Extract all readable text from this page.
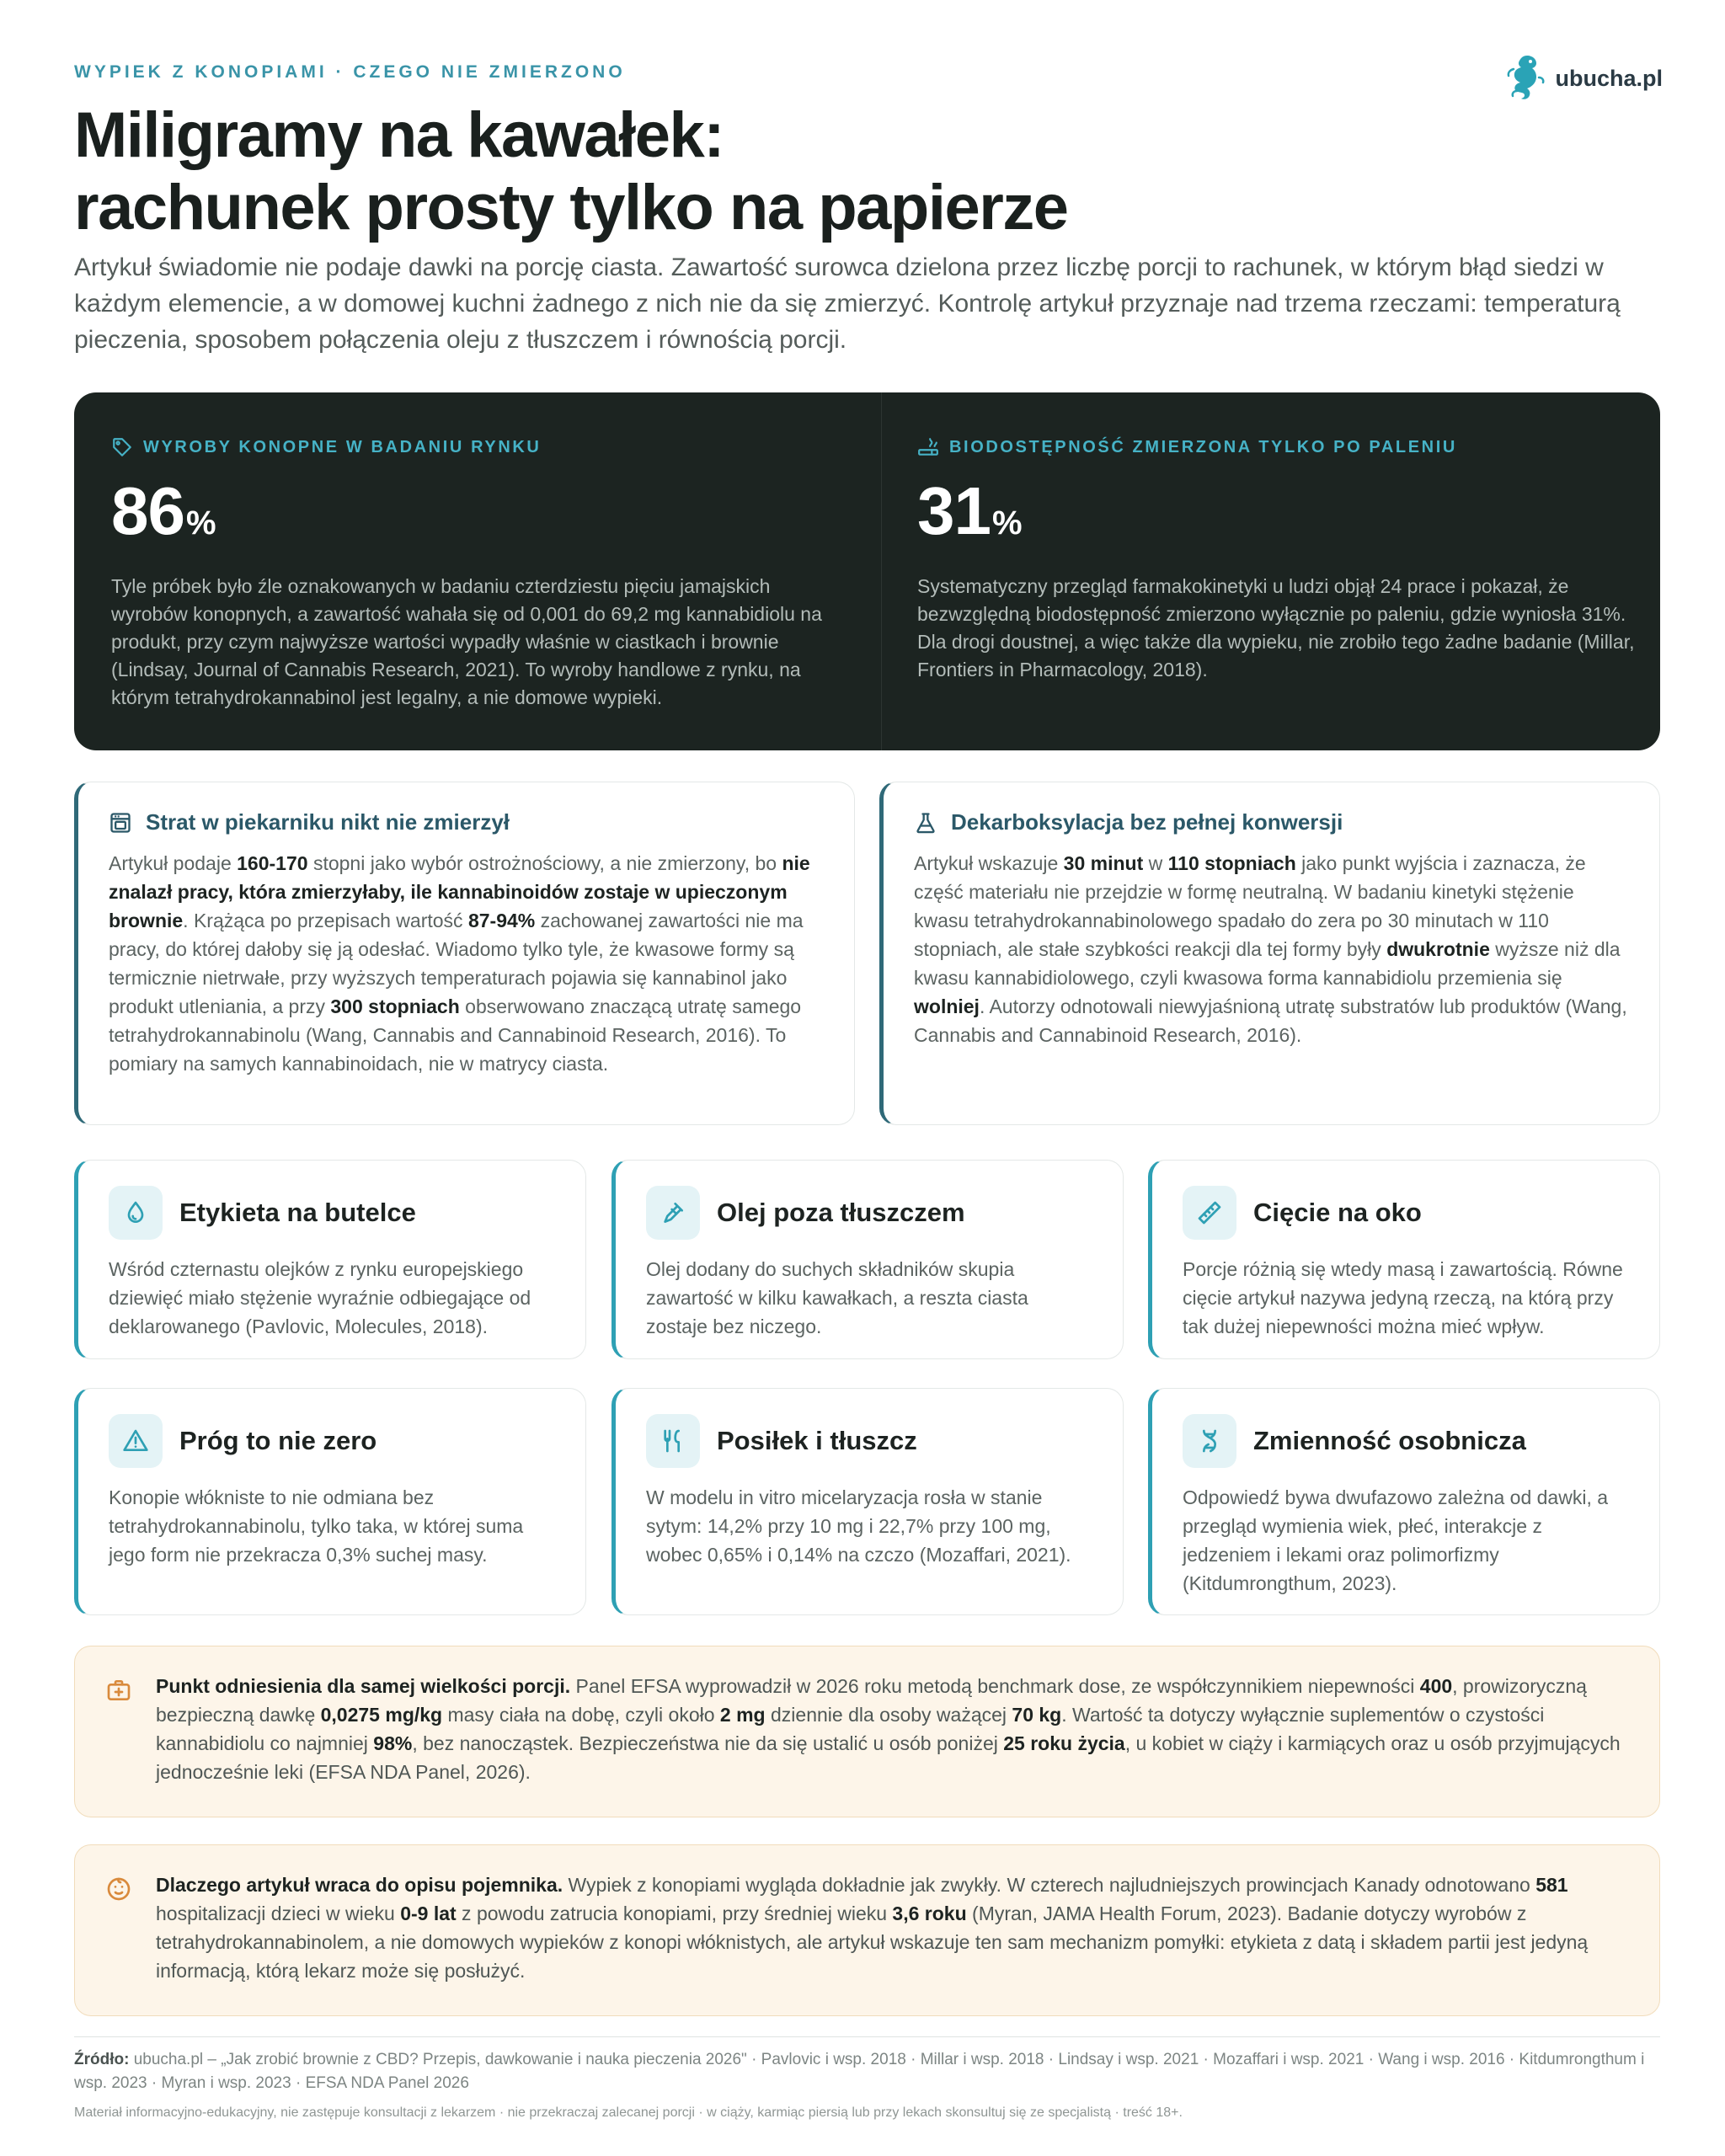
WYPIEK Z KONOPIAMI · CZEGO NIE ZMIERZONO	ubucha.pl
Miligramy na kawałek:
rachunek prosty tylko na papierze

Artykuł świadomie nie podaje dawki na porcję ciasta. Zawartość surowca dzielona przez liczbę porcji to rachunek, w którym błąd siedzi w każdym elemencie, a w domowej kuchni żadnego z nich nie da się zmierzyć. Kontrolę artykuł przyznaje nad trzema rzeczami: temperaturą pieczenia, sposobem połączenia oleju z tłuszczem i równością porcji.

WYROBY KONOPNE W BADANIU RYNKU
86%

Tyle próbek było źle oznakowanych w badaniu czterdziestu pięciu jamajskich wyrobów konopnych, a zawartość wahała się od 0,001 do 69,2 mg kannabidiolu na produkt, przy czym najwyższe wartości wypadły właśnie w ciastkach i brownie (Lindsay, Journal of Cannabis Research, 2021). To wyroby handlowe z rynku, na którym tetrahydrokannabinol jest legalny, a nie domowe wypieki.

BIODOSTĘPNOŚĆ ZMIERZONA TYLKO PO PALENIU
31%

Systematyczny przegląd farmakokinetyki u ludzi objął 24 prace i pokazał, że bezwzględną biodostępność zmierzono wyłącznie po paleniu, gdzie wyniosła 31%. Dla drogi doustnej, a więc także dla wypieku, nie zrobiło tego żadne badanie (Millar, Frontiers in Pharmacology, 2018).

Strat w piekarniku nikt nie zmierzył

Artykuł podaje 160-170 stopni jako wybór ostrożnościowy, a nie zmierzony, bo nie znalazł pracy, która zmierzyłaby, ile kannabinoidów zostaje w upieczonym brownie. Krążąca po przepisach wartość 87-94% zachowanej zawartości nie ma pracy, do której dałoby się ją odesłać. Wiadomo tylko tyle, że kwasowe formy są termicznie nietrwałe, przy wyższych temperaturach pojawia się kannabinol jako produkt utleniania, a przy 300 stopniach obserwowano znaczącą utratę samego tetrahydrokannabinolu (Wang, Cannabis and Cannabinoid Research, 2016). To pomiary na samych kannabinoidach, nie w matrycy ciasta.

Dekarboksylacja bez pełnej konwersji

Artykuł wskazuje 30 minut w 110 stopniach jako punkt wyjścia i zaznacza, że część materiału nie przejdzie w formę neutralną. W badaniu kinetyki stężenie kwasu tetrahydrokannabinolowego spadało do zera po 30 minutach w 110 stopniach, ale stałe szybkości reakcji dla tej formy były dwukrotnie wyższe niż dla kwasu kannabidiolowego, czyli kwasowa forma kannabidiolu przemienia się wolniej. Autorzy odnotowali niewyjaśnioną utratę substratów lub produktów (Wang, Cannabis and Cannabinoid Research, 2016).

Etykieta na butelce

Wśród czternastu olejków z rynku europejskiego dziewięć miało stężenie wyraźnie odbiegające od deklarowanego (Pavlovic, Molecules, 2018).

Olej poza tłuszczem

Olej dodany do suchych składników skupia zawartość w kilku kawałkach, a reszta ciasta zostaje bez niczego.

Cięcie na oko

Porcje różnią się wtedy masą i zawartością. Równe cięcie artykuł nazywa jedyną rzeczą, na którą przy tak dużej niepewności można mieć wpływ.

Próg to nie zero

Konopie włókniste to nie odmiana bez tetrahydrokannabinolu, tylko taka, w której suma jego form nie przekracza 0,3% suchej masy.

Posiłek i tłuszcz

W modelu in vitro micelaryzacja rosła w stanie sytym: 14,2% przy 10 mg i 22,7% przy 100 mg, wobec 0,65% i 0,14% na czczo (Mozaffari, 2021).

Zmienność osobnicza

Odpowiedź bywa dwufazowo zależna od dawki, a przegląd wymienia wiek, płeć, interakcje z jedzeniem i lekami oraz polimorfizmy (Kitdumrongthum, 2023).

Punkt odniesienia dla samej wielkości porcji. Panel EFSA wyprowadził w 2026 roku metodą benchmark dose, ze współczynnikiem niepewności 400, prowizoryczną bezpieczną dawkę 0,0275 mg/kg masy ciała na dobę, czyli około 2 mg dziennie dla osoby ważącej 70 kg. Wartość ta dotyczy wyłącznie suplementów o czystości kannabidiolu co najmniej 98%, bez nanocząstek. Bezpieczeństwa nie da się ustalić u osób poniżej 25 roku życia, u kobiet w ciąży i karmiących oraz u osób przyjmujących jednocześnie leki (EFSA NDA Panel, 2026).

Dlaczego artykuł wraca do opisu pojemnika. Wypiek z konopiami wygląda dokładnie jak zwykły. W czterech najludniejszych prowincjach Kanady odnotowano 581 hospitalizacji dzieci w wieku 0-9 lat z powodu zatrucia konopiami, przy średniej wieku 3,6 roku (Myran, JAMA Health Forum, 2023). Badanie dotyczy wyrobów z tetrahydrokannabinolem, a nie domowych wypieków z konopi włóknistych, ale artykuł wskazuje ten sam mechanizm pomyłki: etykieta z datą i składem partii jest jedyną informacją, którą lekarz może się posłużyć.

Źródło: ubucha.pl – „Jak zrobić brownie z CBD? Przepis, dawkowanie i nauka pieczenia 2026" · Pavlovic i wsp. 2018 · Millar i wsp. 2018 · Lindsay i wsp. 2021 · Mozaffari i wsp. 2021 · Wang i wsp. 2016 · Kitdumrongthum i wsp. 2023 · Myran i wsp. 2023 · EFSA NDA Panel 2026

Materiał informacyjno-edukacyjny, nie zastępuje konsultacji z lekarzem · nie przekraczaj zalecanej porcji · w ciąży, karmiąc piersią lub przy lekach skonsultuj się ze specjalistą · treść 18+.
